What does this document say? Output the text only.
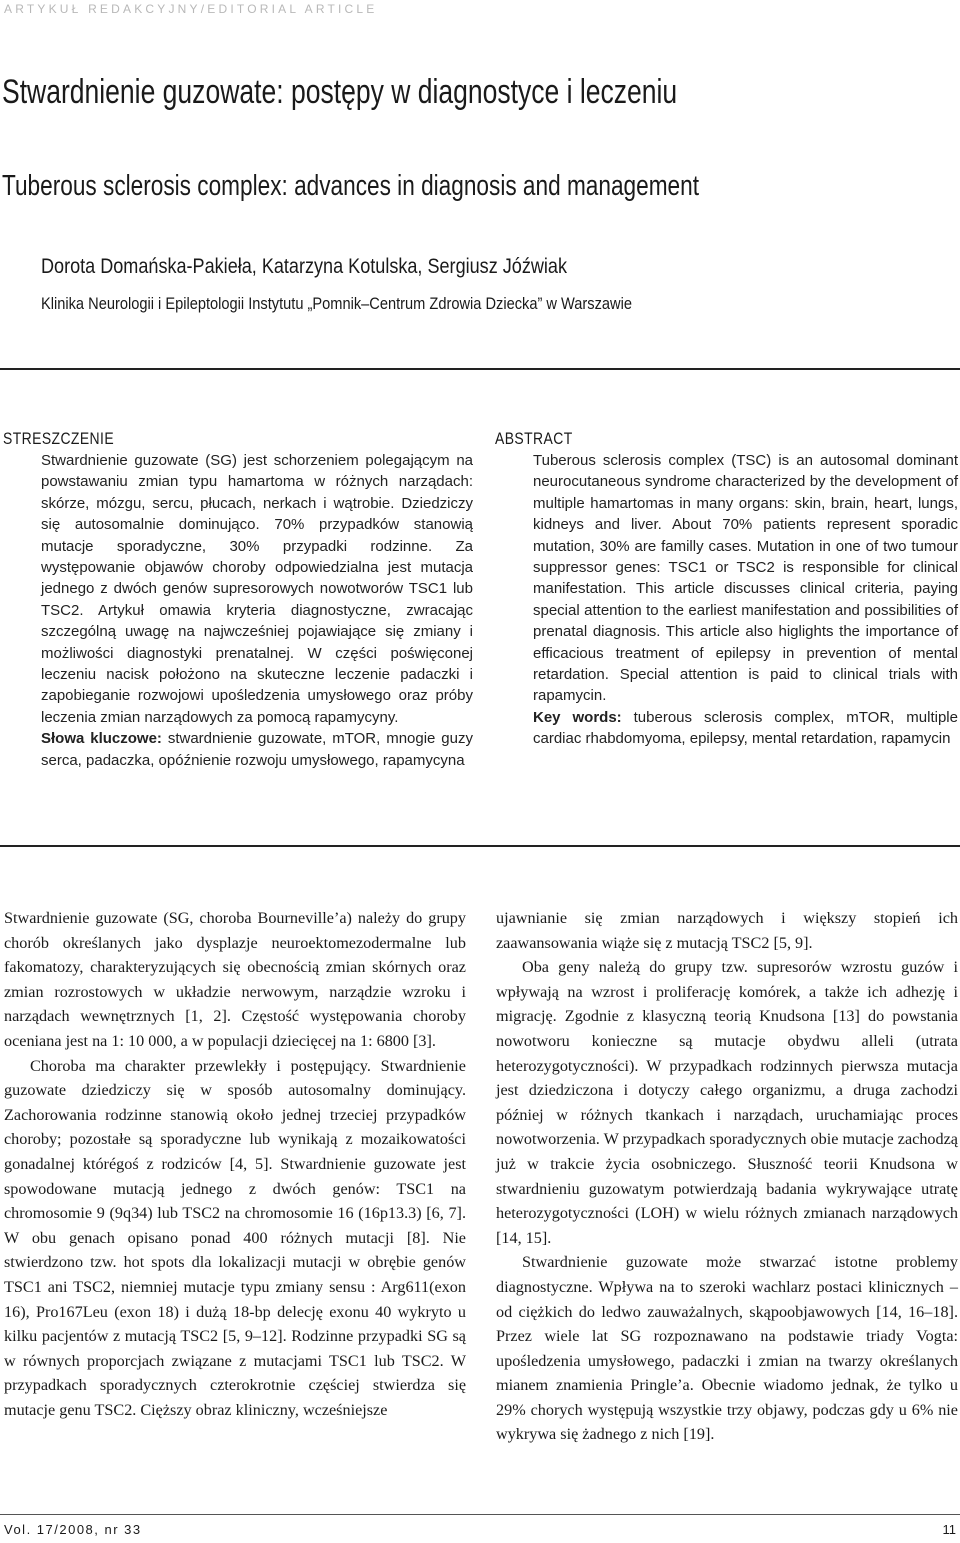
ARTYKUŁ REDAKCYJNY/EDITORIAL ARTICLE
Stwardnienie guzowate: postępy w diagnostyce i leczeniu
Tuberous sclerosis complex: advances in diagnosis and management
Dorota Domańska-Pakieła, Katarzyna Kotulska, Sergiusz Jóźwiak
Klinika Neurologii i Epileptologii Instytutu „Pomnik–Centrum Zdrowia Dziecka” w Warszawie
STRESZCZENIE

Stwardnienie guzowate (SG) jest schorzeniem polegającym na powstawaniu zmian typu hamartoma w różnych narządach: skórze, mózgu, sercu, płucach, nerkach i wątrobie. Dziedziczy się autosomalnie dominująco. 70% przypadków stanowią mutacje sporadyczne, 30% przypadki rodzinne. Za występowanie objawów choroby odpowiedzialna jest mutacja jednego z dwóch genów supresorowych nowotworów TSC1 lub TSC2. Artykuł omawia kryteria diagnostyczne, zwracając szczególną uwagę na najwcześniej pojawiające się zmiany i możliwości diagnostyki prenatalnej. W części poświęconej leczeniu nacisk położono na skuteczne leczenie padaczki i zapobieganie rozwojowi upośledzenia umysłowego oraz próby leczenia zmian narządowych za pomocą rapamycyny.

Słowa kluczowe: stwardnienie guzowate, mTOR, mnogie guzy serca, padaczka, opóźnienie rozwoju umysłowego, rapamycyna

ABSTRACT

Tuberous sclerosis complex (TSC) is an autosomal dominant neurocutaneous syndrome characterized by the development of multiple hamartomas in many organs: skin, brain, heart, lungs, kidneys and liver. About 70% patients represent sporadic mutation, 30% are familly cases. Mutation in one of two tumour suppressor genes: TSC1 or TSC2 is responsible for clinical manifestation. This article discusses clinical criteria, paying special attention to the earliest manifestation and possibilities of prenatal diagnosis. This article also higlights the importance of efficacious treatment of epilepsy in prevention of mental retardation. Special attention is paid to clinical trials with rapamycin.

Key words: tuberous sclerosis complex, mTOR, multiple cardiac rhabdomyoma, epilepsy, mental retardation, rapamycin

Stwardnienie guzowate (SG, choroba Bourneville’a) należy do grupy chorób określanych jako dysplazje neuroektomezodermalne lub fakomatozy, charakteryzujących się obecnością zmian skórnych oraz zmian rozrostowych w układzie nerwowym, narządzie wzroku i narządach wewnętrznych [1, 2]. Częstość występowania choroby oceniana jest na 1: 10 000, a w populacji dziecięcej na 1: 6800 [3].

Choroba ma charakter przewlekły i postępujący. Stwardnienie guzowate dziedziczy się w sposób autosomalny dominujący. Zachorowania rodzinne stanowią około jednej trzeciej przypadków choroby; pozostałe są sporadyczne lub wynikają z mozaikowatości gonadalnej którégoś z rodziców [4, 5]. Stwardnienie guzowate jest spowodowane mutacją jednego z dwóch genów: TSC1 na chromosomie 9 (9q34) lub TSC2 na chromosomie 16 (16p13.3) [6, 7]. W obu genach opisano ponad 400 różnych mutacji [8]. Nie stwierdzono tzw. hot spots dla lokalizacji mutacji w obrębie genów TSC1 ani TSC2, niemniej mutacje typu zmiany sensu : Arg611(exon 16), Pro167Leu (exon 18) i dużą 18-bp delecję exonu 40 wykryto u kilku pacjentów z mutacją TSC2 [5, 9–12]. Rodzinne przypadki SG są w równych proporcjach związane z mutacjami TSC1 lub TSC2. W przypadkach sporadycznych czterokrotnie częściej stwierdza się mutacje genu TSC2. Cięższy obraz kliniczny, wcześniejsze

ujawnianie się zmian narządowych i większy stopień ich zaawansowania wiąże się z mutacją TSC2 [5, 9].

Oba geny należą do grupy tzw. supresorów wzrostu guzów i wpływają na wzrost i proliferację komórek, a także ich adhezję i migrację. Zgodnie z klasyczną teorią Knudsona [13] do powstania nowotworu konieczne są mutacje obydwu alleli (utrata heterozygotyczności). W przypadkach rodzinnych pierwsza mutacja jest dziedziczona i dotyczy całego organizmu, a druga zachodzi później w różnych tkankach i narządach, uruchamiając proces nowotworzenia. W przypadkach sporadycznych obie mutacje zachodzą już w trakcie życia osobniczego. Słuszność teorii Knudsona w stwardnieniu guzowatym potwierdzają badania wykrywające utratę heterozygotyczności (LOH) w wielu różnych zmianach narządowych [14, 15].

Stwardnienie guzowate może stwarzać istotne problemy diagnostyczne. Wpływa na to szeroki wachlarz postaci klinicznych – od ciężkich do ledwo zauważalnych, skąpoobjawowych [14, 16–18]. Przez wiele lat SG rozpoznawano na podstawie triady Vogta: upośledzenia umysłowego, padaczki i zmian na twarzy określanych mianem znamienia Pringle’a. Obecnie wiadomo jednak, że tylko u 29% chorych występują wszystkie trzy objawy, podczas gdy u 6% nie wykrywa się żadnego z nich [19].

Vol. 17/2008, nr 33	11
